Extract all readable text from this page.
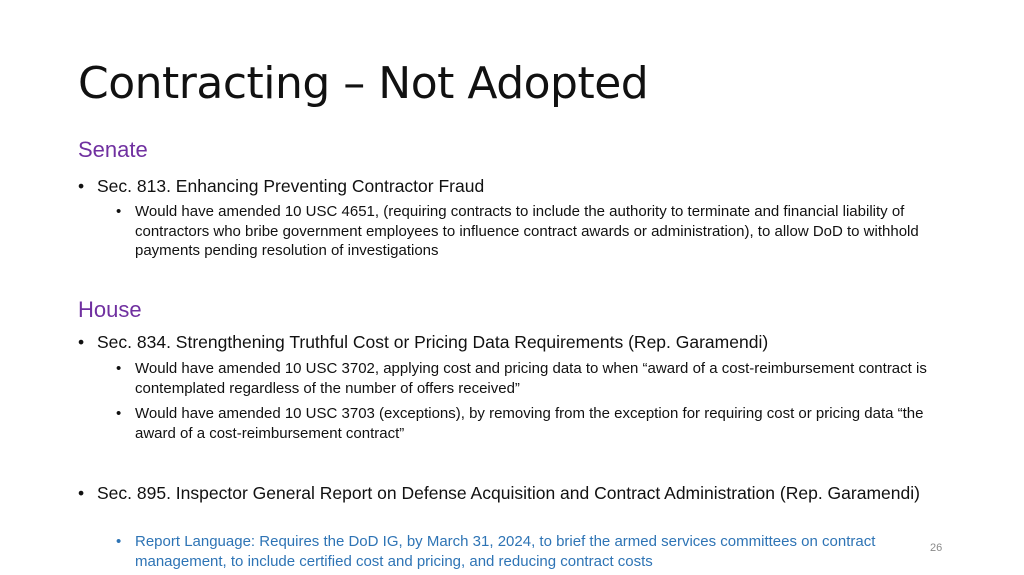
Contracting – Not Adopted
Senate
• Sec. 813. Enhancing Preventing Contractor Fraud
• Would have amended 10 USC 4651, (requiring contracts to include the authority to terminate and financial liability of contractors who bribe government employees to influence contract awards or administration), to allow DoD to withhold payments pending resolution of investigations
House
• Sec. 834. Strengthening Truthful Cost or Pricing Data Requirements (Rep. Garamendi)
• Would have amended 10 USC 3702, applying cost and pricing data to when “award of a cost-reimbursement contract is contemplated regardless of the number of offers received”
• Would have amended 10 USC 3703 (exceptions), by removing from the exception for requiring cost or pricing data “the award of a cost-reimbursement contract”
• Sec. 895. Inspector General Report on Defense Acquisition and Contract Administration (Rep. Garamendi)
• Report Language: Requires the DoD IG, by March 31, 2024, to brief the armed services committees on contract management, to include certified cost and pricing, and reducing contract costs
26
